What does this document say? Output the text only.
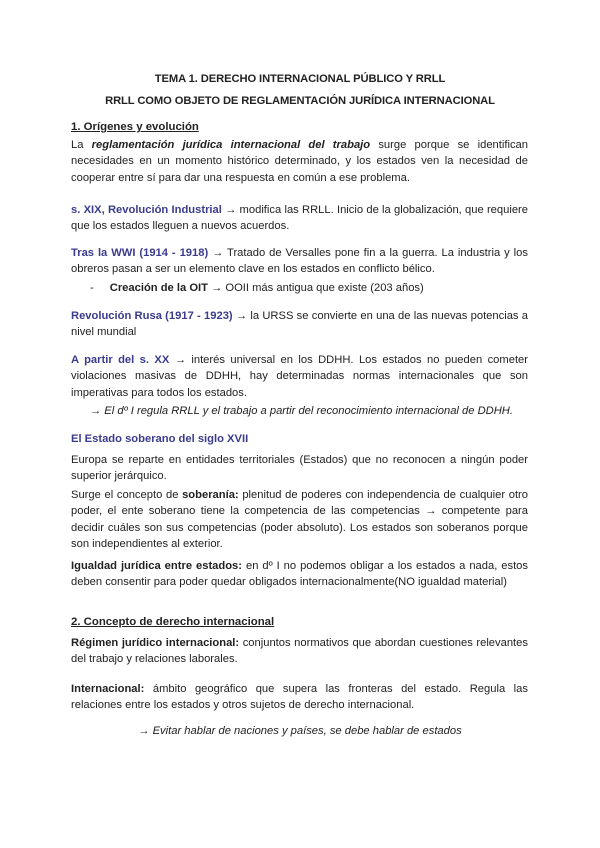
TEMA 1. DERECHO INTERNACIONAL PÚBLICO Y RRLL
RRLL COMO OBJETO DE REGLAMENTACIÓN JURÍDICA INTERNACIONAL
1. Orígenes y evolución
La reglamentación jurídica internacional del trabajo surge porque se identifican necesidades en un momento histórico determinado, y los estados ven la necesidad de cooperar entre sí para dar una respuesta en común a ese problema.
s. XIX, Revolución Industrial → modifica las RRLL. Inicio de la globalización, que requiere que los estados lleguen a nuevos acuerdos.
Tras la WWI (1914 - 1918) → Tratado de Versalles pone fin a la guerra. La industria y los obreros pasan a ser un elemento clave en los estados en conflicto bélico.
- Creación de la OIT → OOII más antigua que existe (203 años)
Revolución Rusa (1917 - 1923) → la URSS se convierte en una de las nuevas potencias a nivel mundial
A partir del s. XX → interés universal en los DDHH. Los estados no pueden cometer violaciones masivas de DDHH, hay determinadas normas internacionales que son imperativas para todos los estados.
→ El dº I regula RRLL y el trabajo a partir del reconocimiento internacional de DDHH.
El Estado soberano del siglo XVII
Europa se reparte en entidades territoriales (Estados) que no reconocen a ningún poder superior jerárquico.
Surge el concepto de soberanía: plenitud de poderes con independencia de cualquier otro poder, el ente soberano tiene la competencia de las competencias → competente para decidir cuáles son sus competencias (poder absoluto). Los estados son soberanos porque son independientes al exterior.
Igualdad jurídica entre estados: en dº I no podemos obligar a los estados a nada, estos deben consentir para poder quedar obligados internacionalmente(NO igualdad material)
2. Concepto de derecho internacional
Régimen jurídico internacional: conjuntos normativos que abordan cuestiones relevantes del trabajo y relaciones laborales.
Internacional: ámbito geográfico que supera las fronteras del estado. Regula las relaciones entre los estados y otros sujetos de derecho internacional.
→ Evitar hablar de naciones y países, se debe hablar de estados
